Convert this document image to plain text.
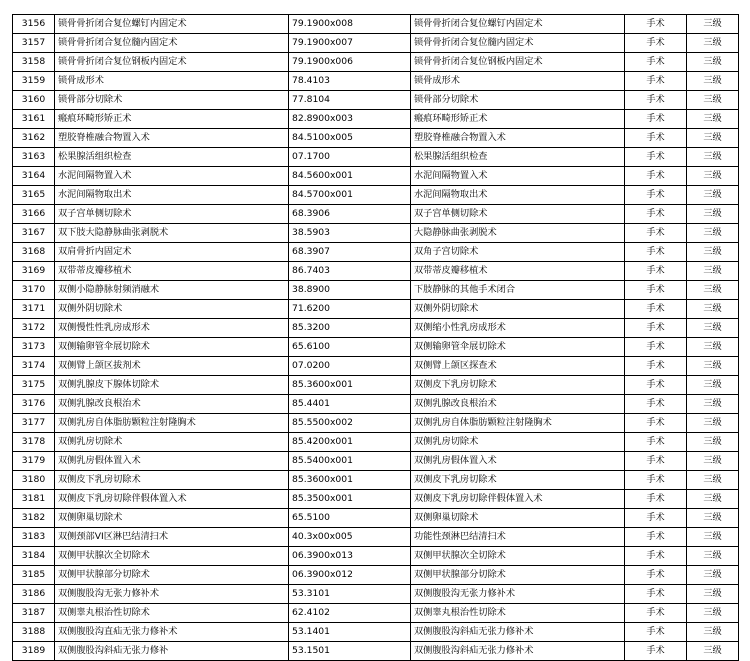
3156	锁骨骨折闭合复位螺钉内固定术	79.1900x008	锁骨骨折闭合复位螺钉内固定术	手术	三级
3157	锁骨骨折闭合复位髓内固定术	79.1900x007	锁骨骨折闭合复位髓内固定术	手术	三级
3158	锁骨骨折闭合复位钢板内固定术	79.1900x006	锁骨骨折闭合复位钢板内固定术	手术	三级
3159	锁骨成形术	78.4103	锁骨成形术	手术	三级
3160	锁骨部分切除术	77.8104	锁骨部分切除术	手术	三级
3161	瘢痕环畸形矫正术	82.8900x003	瘢痕环畸形矫正术	手术	三级
3162	塑胶脊椎融合物置入术	84.5100x005	塑胶脊椎融合物置入术	手术	三级
3163	松果腺活组织检查	07.1700	松果腺活组织检查	手术	三级
3164	水泥间隔物置入术	84.5600x001	水泥间隔物置入术	手术	三级
3165	水泥间隔物取出术	84.5700x001	水泥间隔物取出术	手术	三级
3166	双子宫单侧切除术	68.3906	双子宫单侧切除术	手术	三级
3167	双下肢大隐静脉曲张剥脱术	38.5903	大隐静脉曲张剥脱术	手术	三级
3168	双肩骨折内固定术	68.3907	双角子宫切除术	手术	三级
3169	双带蒂皮瓣移植术	86.7403	双带蒂皮瓣移植术	手术	三级
3170	双侧小隐静脉射频消融术	38.8900	下肢静脉的其他手术闭合	手术	三级
3171	双侧外阴切除术	71.6200	双侧外阴切除术	手术	三级
3172	双侧慢性性乳房成形术	85.3200	双侧缩小性乳房成形术	手术	三级
3173	双侧输卵管伞展切除术	65.6100	双侧输卵管伞展切除术	手术	三级
3174	双侧臂上颌区拔剂术	07.0200	双侧臂上颌区探查术	手术	三级
3175	双侧乳腺皮下腺体切除术	85.3600x001	双侧皮下乳房切除术	手术	三级
3176	双侧乳腺改良根治术	85.4401	双侧乳腺改良根治术	手术	三级
3177	双侧乳房自体脂肪颗粒注射隆胸术	85.5500x002	双侧乳房自体脂肪颗粒注射隆胸术	手术	三级
3178	双侧乳房切除术	85.4200x001	双侧乳房切除术	手术	三级
3179	双侧乳房假体置入术	85.5400x001	双侧乳房假体置入术	手术	三级
3180	双侧皮下乳房切除术	85.3600x001	双侧皮下乳房切除术	手术	三级
3181	双侧皮下乳房切除伴假体置入术	85.3500x001	双侧皮下乳房切除伴假体置入术	手术	三级
3182	双侧卵巢切除术	65.5100	双侧卵巢切除术	手术	三级
3183	双侧颈部VI区淋巴结清扫术	40.3x00x005	功能性颈淋巴结清扫术	手术	三级
3184	双侧甲状腺次全切除术	06.3900x013	双侧甲状腺次全切除术	手术	三级
3185	双侧甲状腺部分切除术	06.3900x012	双侧甲状腺部分切除术	手术	三级
3186	双侧腹股沟无张力修补术	53.3101	双侧腹股沟无张力修补术	手术	三级
3187	双侧睾丸根治性切除术	62.4102	双侧睾丸根治性切除术	手术	三级
3188	双侧腹股沟直疝无张力修补术	53.1401	双侧腹股沟斜疝无张力修补术	手术	三级
3189	双侧腹股沟斜疝无张力修补	53.1501	双侧腹股沟斜疝无张力修补术	手术	三级
